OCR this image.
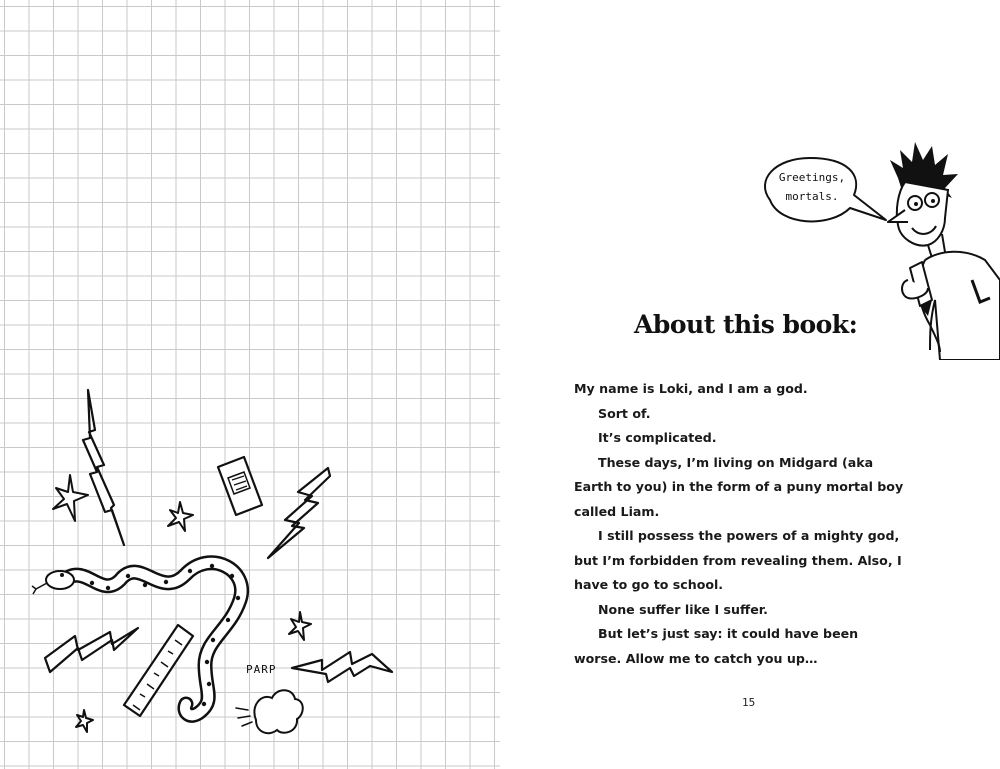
PARP
Greetings,
mortals.
About this book:

My name is Loki, and I am a god.

Sort of.

It’s complicated.

These days, I’m living on Midgard (aka Earth to you) in the form of a puny mortal boy called Liam.

I still possess the powers of a mighty god, but I’m forbidden from revealing them. Also, I have to go to school.

None suffer like I suffer.

But let’s just say: it could have been worse. Allow me to catch you up…

15
